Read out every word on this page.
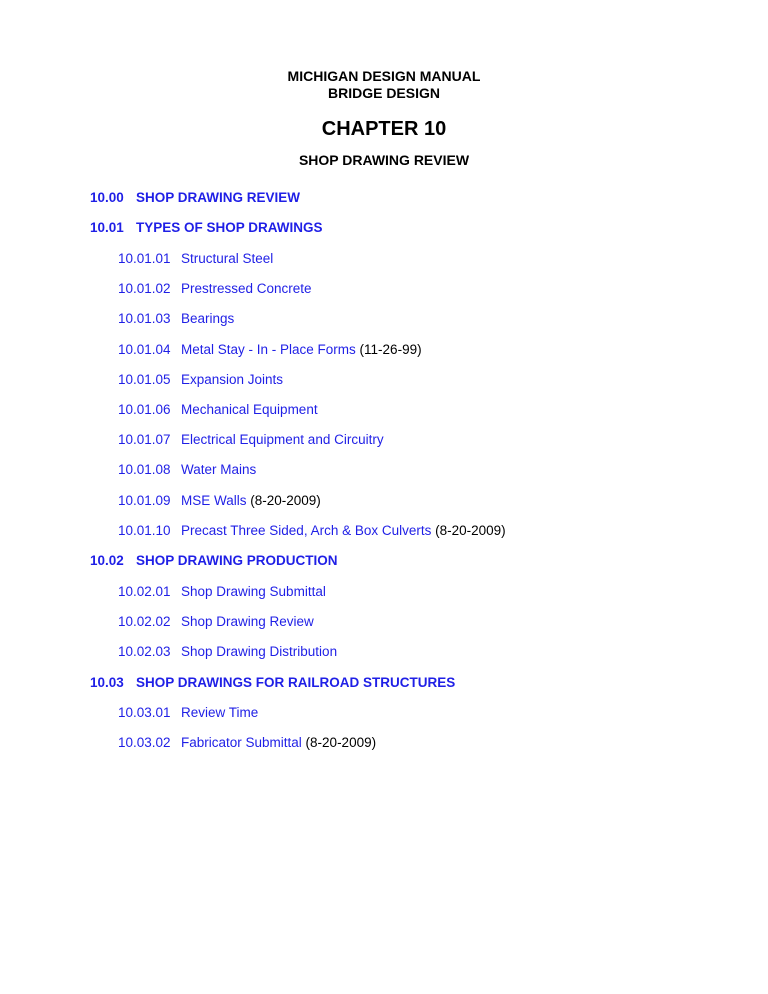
MICHIGAN DESIGN MANUAL
BRIDGE DESIGN
CHAPTER 10
SHOP DRAWING REVIEW
10.00 SHOP DRAWING REVIEW
10.01 TYPES OF SHOP DRAWINGS
10.01.01 Structural Steel
10.01.02 Prestressed Concrete
10.01.03 Bearings
10.01.04 Metal Stay - In - Place Forms (11-26-99)
10.01.05 Expansion Joints
10.01.06 Mechanical Equipment
10.01.07 Electrical Equipment and Circuitry
10.01.08 Water Mains
10.01.09 MSE Walls (8-20-2009)
10.01.10 Precast Three Sided, Arch & Box Culverts (8-20-2009)
10.02 SHOP DRAWING PRODUCTION
10.02.01 Shop Drawing Submittal
10.02.02 Shop Drawing Review
10.02.03 Shop Drawing Distribution
10.03 SHOP DRAWINGS FOR RAILROAD STRUCTURES
10.03.01 Review Time
10.03.02 Fabricator Submittal (8-20-2009)
